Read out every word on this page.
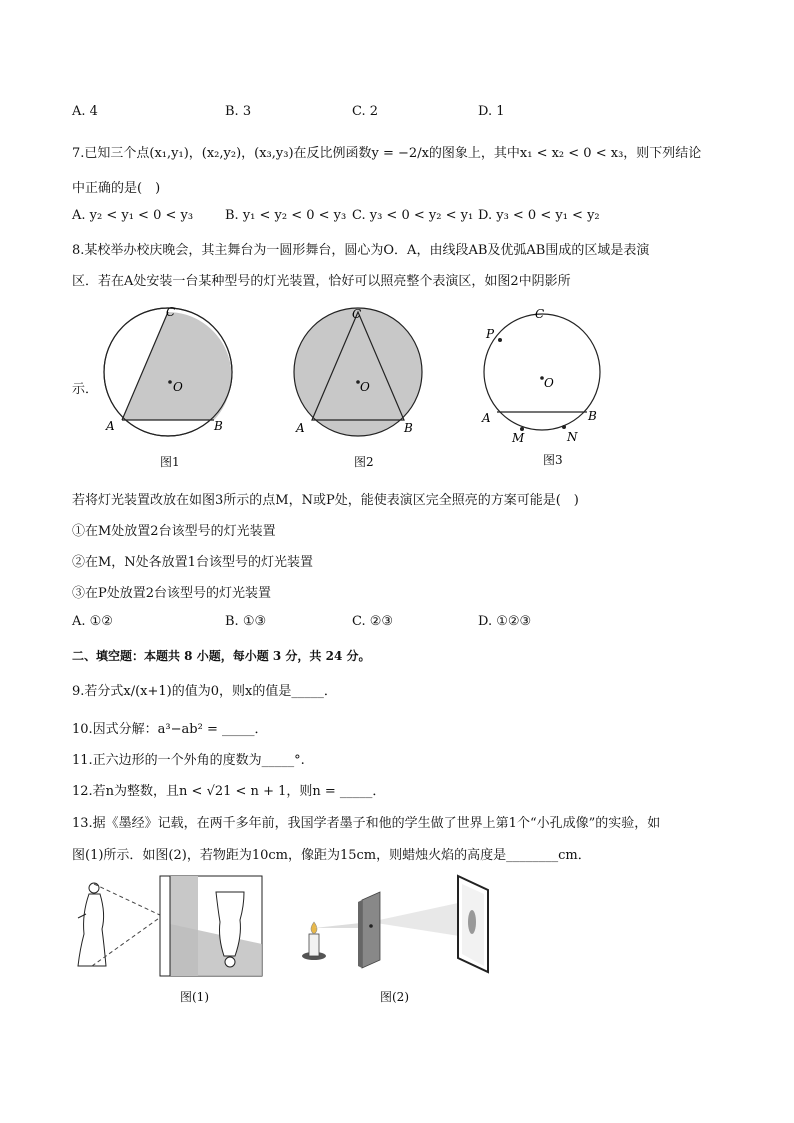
A. 4	B. 3	C. 2	D. 1
7.已知三个点(x₁,y₁)，(x₂,y₂)，(x₃,y₃)在反比例函数y = −2/x的图象上，其中x₁ < x₂ < 0 < x₃，则下列结论
中正确的是(　)
A. y₂ < y₁ < 0 < y₃ B. y₁ < y₂ < 0 < y₃ C. y₃ < 0 < y₂ < y₁ D. y₃ < 0 < y₁ < y₂
8.某校举办校庆晚会，其主舞台为一圆形舞台，圆心为O．A，由线段AB及优弧AB围成的区域是表演
区．若在A处安装一台某种型号的灯光装置，恰好可以照亮整个表演区，如图2中阴影所
示．
C
O
A	B
图1
C
O
A	B
图2
C
P
O
A	B
M	N
图3
若将灯光装置改放在如图3所示的点M，N或P处，能使表演区完全照亮的方案可能是(　)
①在M处放置2台该型号的灯光装置
②在M，N处各放置1台该型号的灯光装置
③在P处放置2台该型号的灯光装置
A. ①②	B. ①③	C. ②③	D. ①②③
二、填空题：本题共 8 小题，每小题 3 分，共 24 分。
9.若分式x/(x+1)的值为0，则x的值是_____．
10.因式分解：a³−ab² = _____．
11.正六边形的一个外角的度数为_____°.
12.若n为整数，且n < √21 < n + 1，则n = _____．
13.据《墨经》记载，在两千多年前，我国学者墨子和他的学生做了世界上第1个“小孔成像”的实验，如
图(1)所示．如图(2)，若物距为10cm，像距为15cm，则蜡烛火焰的高度是________cm．
图(1)	图(2)
